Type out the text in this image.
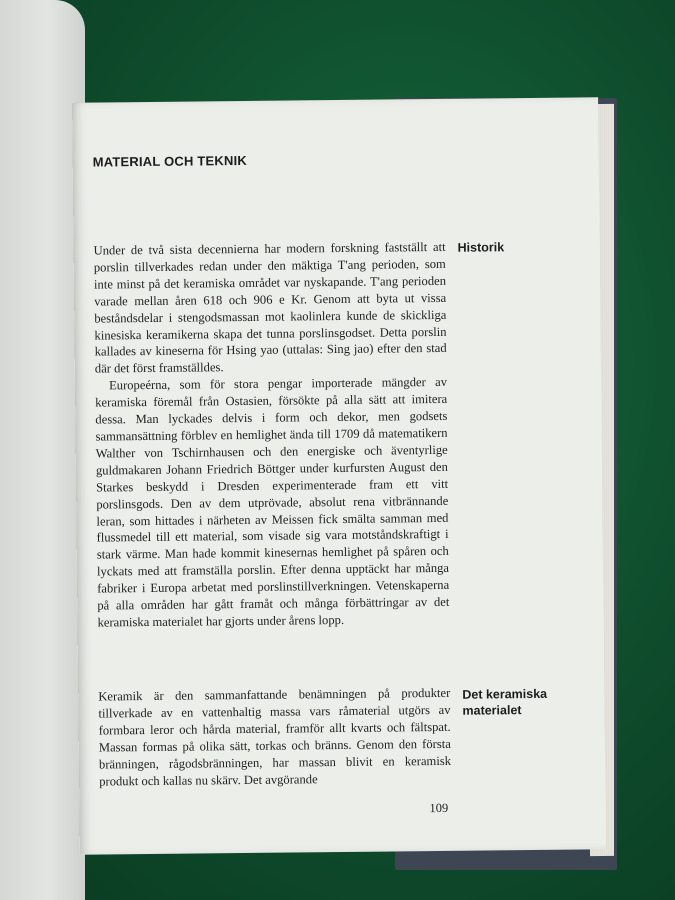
MATERIAL OCH TEKNIK
Historik

Under de två sista decennierna har modern forskning fastställt att porslin tillverkades redan under den mäktiga T'ang perioden, som inte minst på det keramiska området var nyskapande. T'ang perioden varade mellan åren 618 och 906 e Kr. Genom att byta ut vissa beståndsdelar i stengodsmassan mot kaolinlera kunde de skickliga kinesiska keramikerna skapa det tunna porslinsgodset. Detta porslin kallades av kineserna för Hsing yao (uttalas: Sing jao) efter den stad där det först framställdes.

Europeérna, som för stora pengar importerade mängder av keramiska föremål från Ostasien, försökte på alla sätt att imitera dessa. Man lyckades delvis i form och dekor, men godsets sammansättning förblev en hemlighet ända till 1709 då matematikern Walther von Tschirnhausen och den energiske och äventyrlige guldmakaren Johann Friedrich Böttger under kurfursten August den Starkes beskydd i Dresden experimenterade fram ett vitt porslinsgods. Den av dem utprövade, absolut rena vitbrännande leran, som hittades i närheten av Meissen fick smälta samman med flussmedel till ett material, som visade sig vara motståndskraftigt i stark värme. Man hade kommit kinesernas hemlighet på spåren och lyckats med att framställa porslin. Efter denna upptäckt har många fabriker i Europa arbetat med porslinstillverkningen. Vetenskaperna på alla områden har gått framåt och många förbättringar av det keramiska materialet har gjorts under årens lopp.

Det keramiska materialet

Keramik är den sammanfattande benämningen på produkter tillverkade av en vattenhaltig massa vars råmaterial utgörs av formbara leror och hårda material, framför allt kvarts och fältspat. Massan formas på olika sätt, torkas och bränns. Genom den första bränningen, rågodsbränningen, har massan blivit en keramisk produkt och kallas nu skärv. Det avgörande

109
